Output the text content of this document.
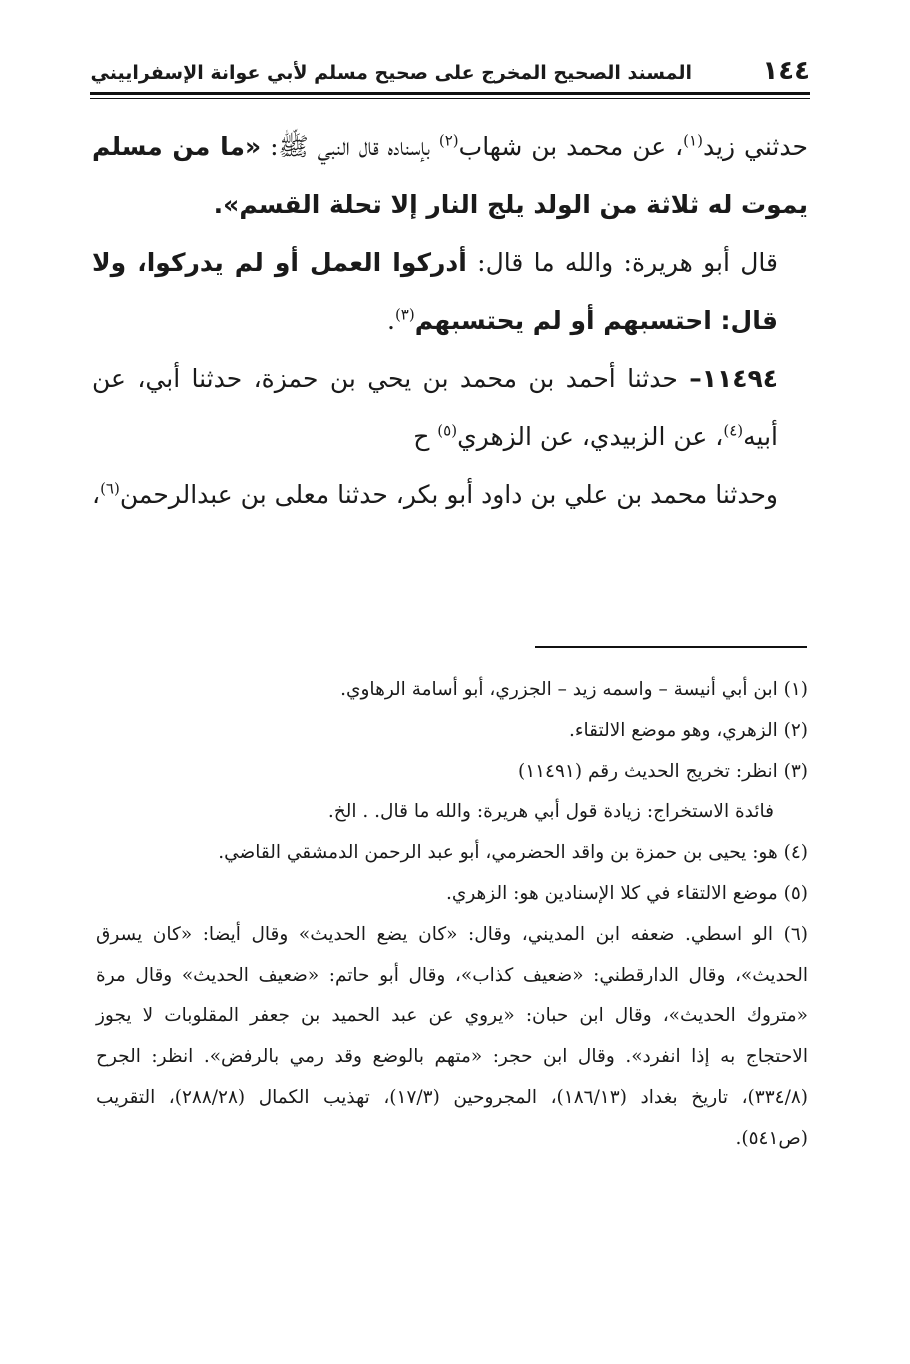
١٤٤
المسند الصحيح المخرج على صحيح مسلم لأبي عوانة الإسفراييني

حدثني زيد$^{(١)}$، عن محمد بن شهاب$^{(٢)}$ بإسناده قال النبي ﷺ: «ما من مسلم يموت له ثلاثة من الولد يلج النار إلا تحلة القسم».

قال أبو هريرة: والله ما قال: أدركوا العمل أو لم يدركوا، ولا قال: احتسبهم أو لم يحتسبهم$^{(٣)}$.

١١٤٩٤– حدثنا أحمد بن محمد بن يحي بن حمزة، حدثنا أبي، عن أبيه$^{(٤)}$، عن الزبيدي، عن الزهري$^{(٥)}$ ح

وحدثنا محمد بن علي بن داود أبو بكر، حدثنا معلى بن عبدالرحمن$^{(٦)}$،

(١) ابن أبي أنيسة – واسمه زيد – الجزري، أبو أسامة الرهاوي.

(٢) الزهري، وهو موضع الالتقاء.

(٣) انظر: تخريج الحديث رقم (١١٤٩١)

فائدة الاستخراج: زيادة قول أبي هريرة: والله ما قال. . الخ.

(٤) هو: يحيى بن حمزة بن واقد الحضرمي، أبو عبد الرحمن الدمشقي القاضي.

(٥) موضع الالتقاء في كلا الإسنادين هو: الزهري.

(٦) الو اسطي. ضعفه ابن المديني، وقال: «كان يضع الحديث» وقال أيضا: «كان يسرق الحديث»، وقال الدارقطني: «ضعيف كذاب»، وقال أبو حاتم: «ضعيف الحديث» وقال مرة «متروك الحديث»، وقال ابن حبان: «يروي عن عبد الحميد بن جعفر المقلوبات لا يجوز الاحتجاج به إذا انفرد». وقال ابن حجر: «متهم بالوضع وقد رمي بالرفض». انظر: الجرح (٣٣٤/٨)، تاريخ بغداد (١٨٦/١٣)، المجروحين (١٧/٣)، تهذيب الكمال (٢٨٨/٢٨)، التقريب (ص٥٤١).
